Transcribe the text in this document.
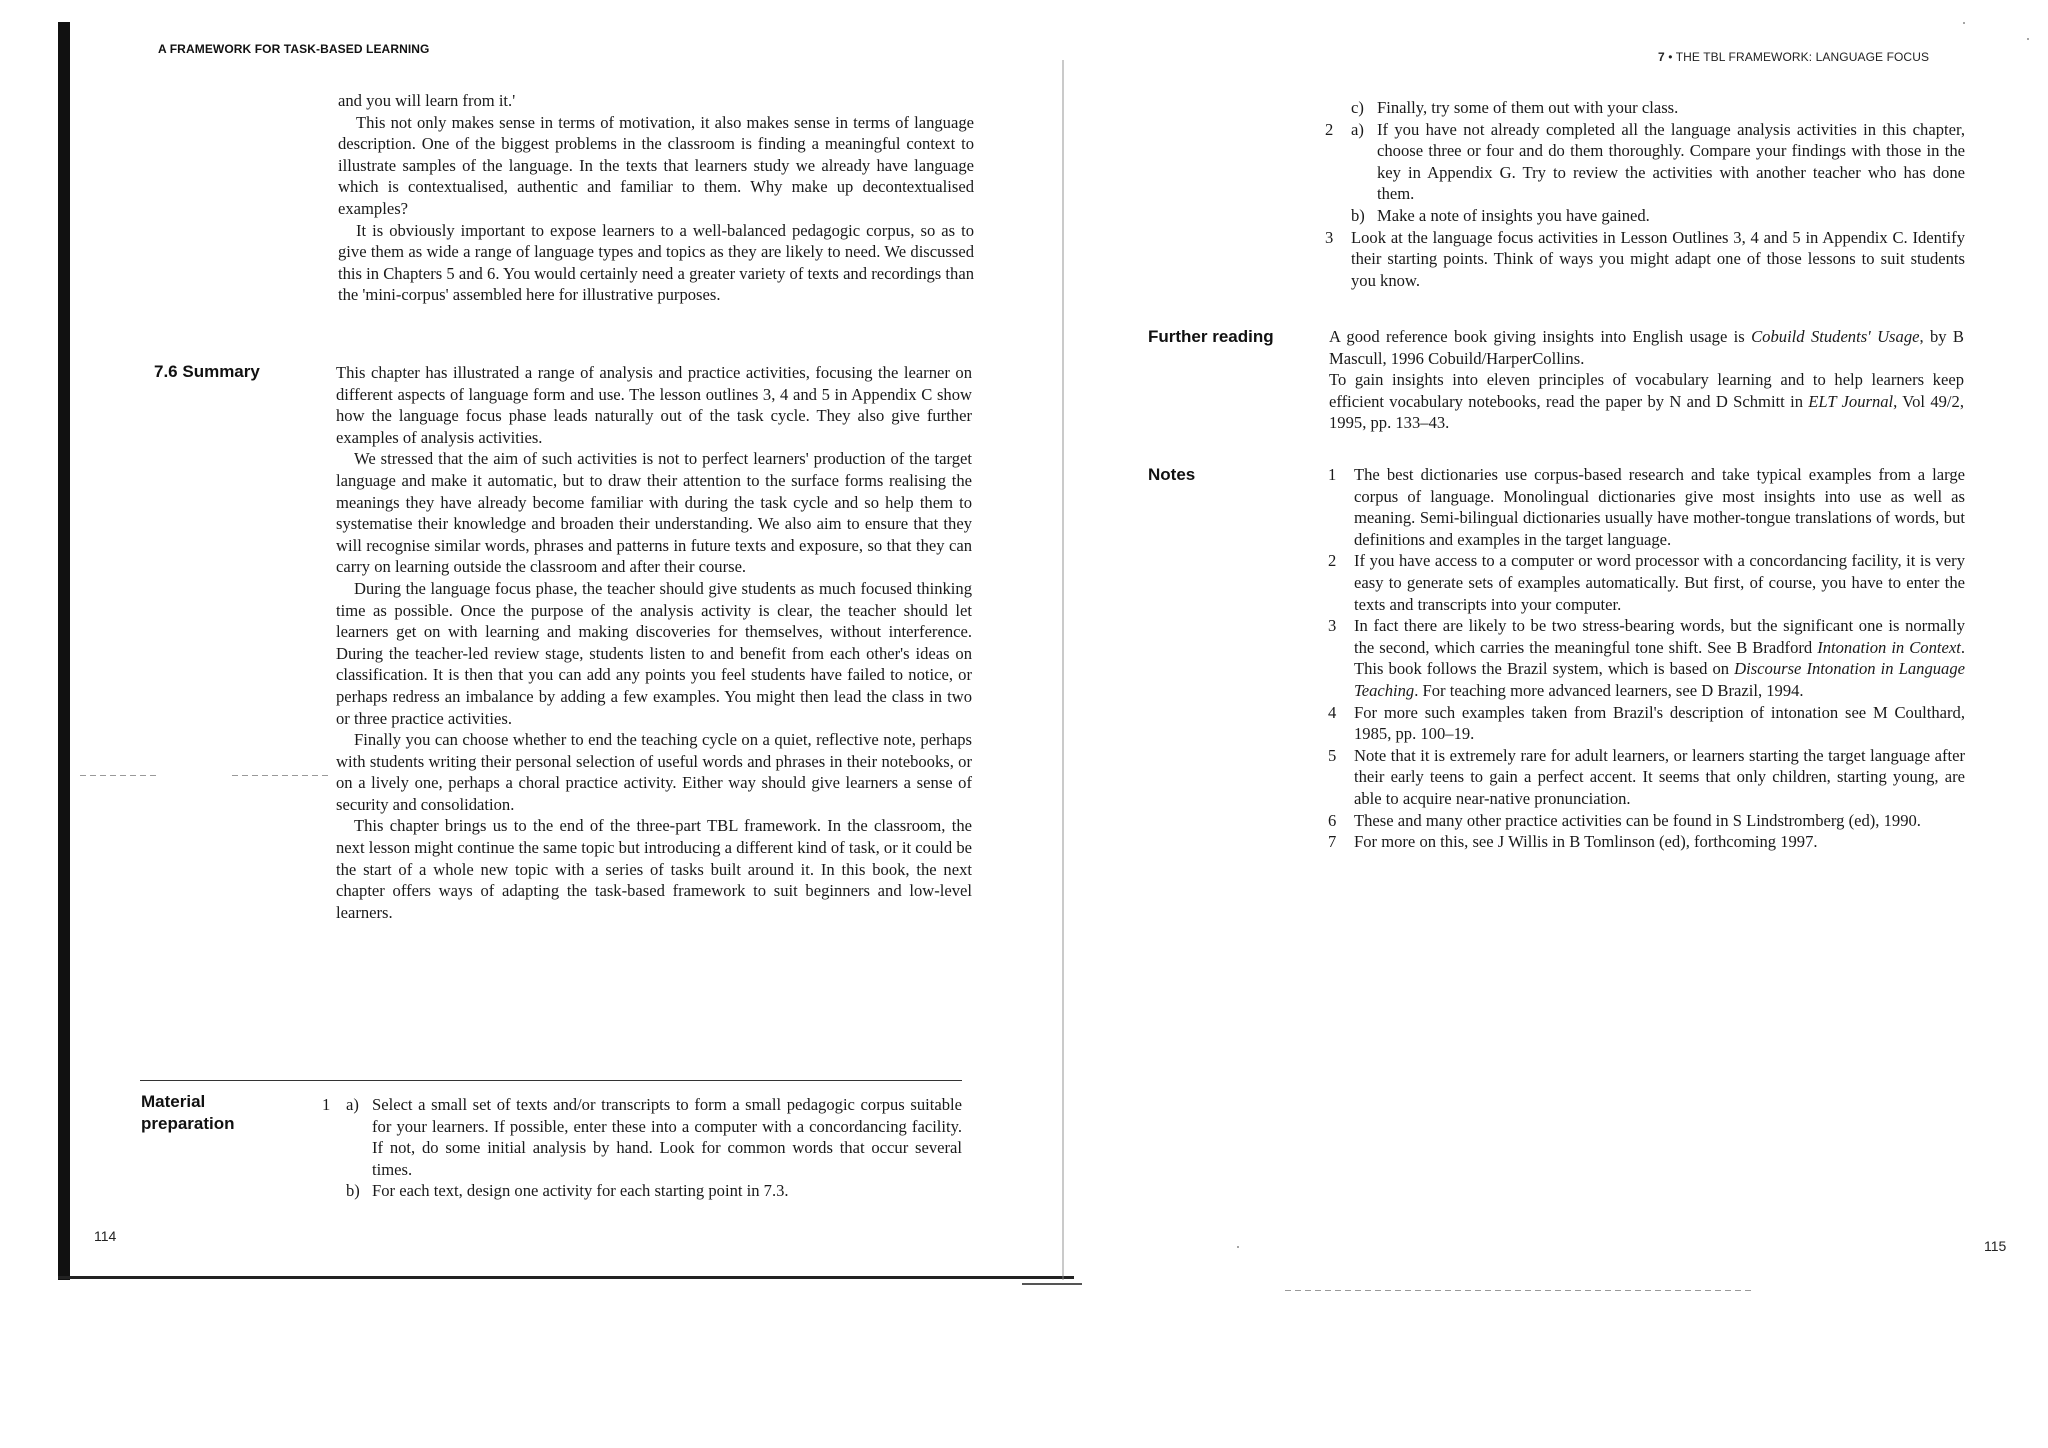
A FRAMEWORK FOR TASK-BASED LEARNING

and you will learn from it.'

This not only makes sense in terms of motivation, it also makes sense in terms of language description. One of the biggest problems in the classroom is finding a meaningful context to illustrate samples of the language. In the texts that learners study we already have language which is contextualised, authentic and familiar to them. Why make up decontextualised examples?

It is obviously important to expose learners to a well-balanced pedagogic corpus, so as to give them as wide a range of language types and topics as they are likely to need. We discussed this in Chapters 5 and 6. You would certainly need a greater variety of texts and recordings than the 'mini-corpus' assembled here for illustrative purposes.

7.6 Summary	This chapter has illustrated a range of analysis and practice activities, focusing the learner on different aspects of language form and use. The lesson outlines 3, 4 and 5 in Appendix C show how the language focus phase leads naturally out of the task cycle. They also give further examples of analysis activities.

We stressed that the aim of such activities is not to perfect learners' production of the target language and make it automatic, but to draw their attention to the surface forms realising the meanings they have already become familiar with during the task cycle and so help them to systematise their knowledge and broaden their understanding. We also aim to ensure that they will recognise similar words, phrases and patterns in future texts and exposure, so that they can carry on learning outside the classroom and after their course.

During the language focus phase, the teacher should give students as much focused thinking time as possible. Once the purpose of the analysis activity is clear, the teacher should let learners get on with learning and making discoveries for themselves, without interference. During the teacher-led review stage, students listen to and benefit from each other's ideas on classification. It is then that you can add any points you feel students have failed to notice, or perhaps redress an imbalance by adding a few examples. You might then lead the class in two or three practice activities.

Finally you can choose whether to end the teaching cycle on a quiet, reflective note, perhaps with students writing their personal selection of useful words and phrases in their notebooks, or on a lively one, perhaps a choral practice activity. Either way should give learners a sense of security and consolidation.

This chapter brings us to the end of the three-part TBL framework. In the classroom, the next lesson might continue the same topic but introducing a different kind of task, or it could be the start of a whole new topic with a series of tasks built around it. In this book, the next chapter offers ways of adapting the task-based framework to suit beginners and low-level learners.

Material preparation
1 a) Select a small set of texts and/or transcripts to form a small pedagogic corpus suitable for your learners. If possible, enter these into a computer with a concordancing facility. If not, do some initial analysis by hand. Look for common words that occur several times.
b) For each text, design one activity for each starting point in 7.3.
114
7 • THE TBL FRAMEWORK: LANGUAGE FOCUS
c) Finally, try some of them out with your class.
2 a) If you have not already completed all the language analysis activities in this chapter, choose three or four and do them thoroughly. Compare your findings with those in the key in Appendix G. Try to review the activities with another teacher who has done them.
b) Make a note of insights you have gained.
3 Look at the language focus activities in Lesson Outlines 3, 4 and 5 in Appendix C. Identify their starting points. Think of ways you might adapt one of those lessons to suit students you know.
Further reading	A good reference book giving insights into English usage is Cobuild Students' Usage, by B Mascull, 1996 Cobuild/HarperCollins.

To gain insights into eleven principles of vocabulary learning and to help learners keep efficient vocabulary notebooks, read the paper by N and D Schmitt in ELT Journal, Vol 49/2, 1995, pp. 133–43.

Notes	1 The best dictionaries use corpus-based research and take typical examples from a large corpus of language. Monolingual dictionaries give most insights into use as well as meaning. Semi-bilingual dictionaries usually have mother-tongue translations of words, but definitions and examples in the target language.
2 If you have access to a computer or word processor with a concordancing facility, it is very easy to generate sets of examples automatically. But first, of course, you have to enter the texts and transcripts into your computer.
3 In fact there are likely to be two stress-bearing words, but the significant one is normally the second, which carries the meaningful tone shift. See B Bradford Intonation in Context. This book follows the Brazil system, which is based on Discourse Intonation in Language Teaching. For teaching more advanced learners, see D Brazil, 1994.
4 For more such examples taken from Brazil's description of intonation see M Coulthard, 1985, pp. 100–19.
5 Note that it is extremely rare for adult learners, or learners starting the target language after their early teens to gain a perfect accent. It seems that only children, starting young, are able to acquire near-native pronunciation.
6 These and many other practice activities can be found in S Lindstromberg (ed), 1990.
7 For more on this, see J Willis in B Tomlinson (ed), forthcoming 1997.
115
